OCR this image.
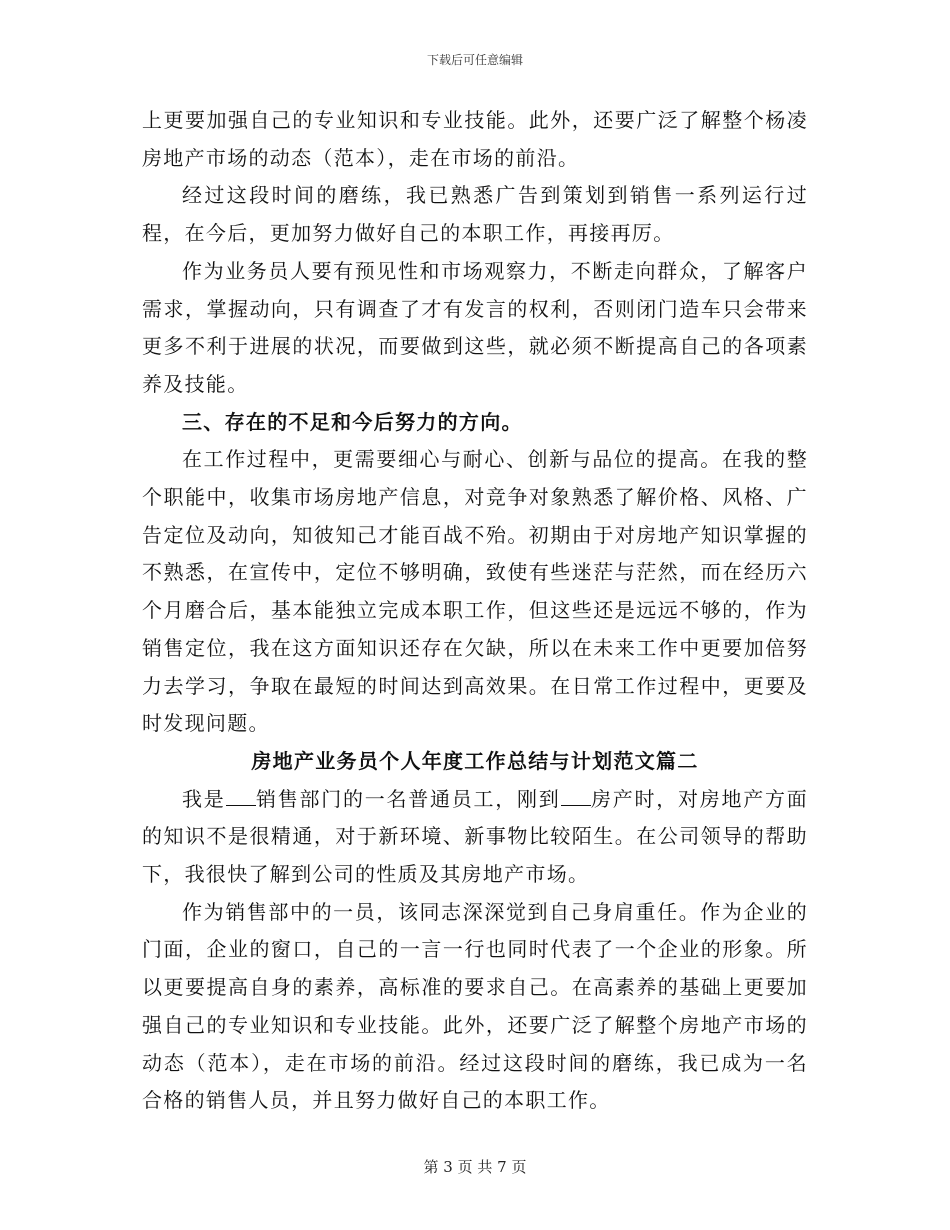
下载后可任意编辑

上更要加强自己的专业知识和专业技能。此外，还要广泛了解整个杨凌房地产市场的动态（范本），走在市场的前沿。

经过这段时间的磨练，我已熟悉广告到策划到销售一系列运行过程，在今后，更加努力做好自己的本职工作，再接再厉。

作为业务员人要有预见性和市场观察力，不断走向群众，了解客户需求，掌握动向，只有调查了才有发言的权利，否则闭门造车只会带来更多不利于进展的状况，而要做到这些，就必须不断提高自己的各项素养及技能。

三、存在的不足和今后努力的方向。

在工作过程中，更需要细心与耐心、创新与品位的提高。在我的整个职能中，收集市场房地产信息，对竞争对象熟悉了解价格、风格、广告定位及动向，知彼知己才能百战不殆。初期由于对房地产知识掌握的不熟悉，在宣传中，定位不够明确，致使有些迷茫与茫然，而在经历六个月磨合后，基本能独立完成本职工作，但这些还是远远不够的，作为销售定位，我在这方面知识还存在欠缺，所以在未来工作中更要加倍努力去学习，争取在最短的时间达到高效果。在日常工作过程中，更要及时发现问题。

房地产业务员个人年度工作总结与计划范文篇二

我是 销售部门的一名普通员工，刚到 房产时，对房地产方面的知识不是很精通，对于新环境、新事物比较陌生。在公司领导的帮助下，我很快了解到公司的性质及其房地产市场。

作为销售部中的一员，该同志深深觉到自己身肩重任。作为企业的门面，企业的窗口，自己的一言一行也同时代表了一个企业的形象。所以更要提高自身的素养，高标准的要求自己。在高素养的基础上更要加强自己的专业知识和专业技能。此外，还要广泛了解整个房地产市场的动态（范本），走在市场的前沿。经过这段时间的磨练，我已成为一名合格的销售人员，并且努力做好自己的本职工作。

第 3 页 共 7 页
